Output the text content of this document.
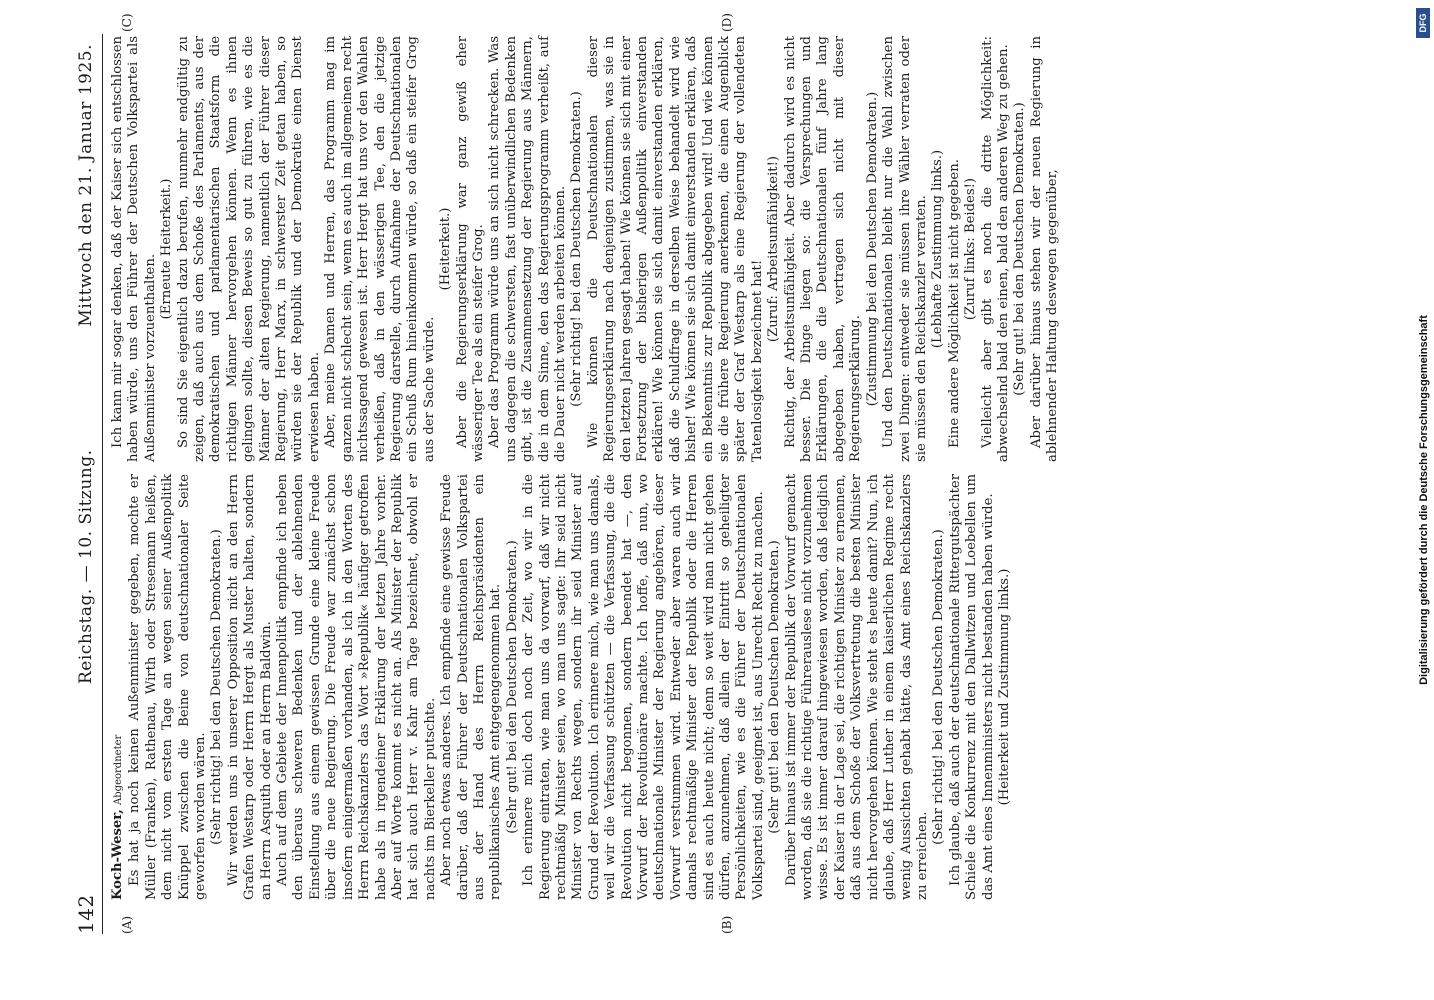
142
Reichstag. — 10. Sitzung.
Mittwoch den 21. Januar 1925.
(A)	(B)
(C)	(D)

Koch-Weser, Abgeordneter Es hat ja noch keinen Außenminister gegeben, mochte er Müller (Franken), Rathenau, Wirth oder Stresemann heißen, dem nicht vom ersten Tage an wegen seiner Außenpolitik Knüppel zwischen die Beine von deutschnationaler Seite geworfen worden wären. (Sehr richtig! bei den Deutschen Demokraten.) Wir werden uns in unserer Opposition nicht an den Herrn Grafen Westarp oder Herrn Hergt als Muster halten, sondern an Herrn Asquith oder an Herrn Baldwin. Auch auf dem Gebiete der Innenpolitik empfinde ich neben den überaus schweren Bedenken und der ablehnenden Einstellung aus einem gewissen Grunde eine kleine Freude über die neue Regierung. Die Freude war zunächst schon insofern einigermaßen vorhanden, als ich in den Worten des Herrn Reichskanzlers das Wort »Republik« häufiger getroffen habe als in irgendeiner Erklärung der letzten Jahre vorher. Aber auf Worte kommt es nicht an. Als Minister der Republik hat sich auch Herr v. Kahr am Tage bezeichnet, obwohl er nachts im Bierkeller putschte. Aber noch etwas anderes. Ich empfinde eine gewisse Freude darüber, daß der Führer der Deutschnationalen Volkspartei aus der Hand des Herrn Reichspräsidenten ein republikanisches Amt entgegengenommen hat. (Sehr gut! bei den Deutschen Demokraten.) Ich erinnere mich doch noch der Zeit, wo wir in die Regierung eintraten, wie man uns da vorwarf, daß wir nicht rechtmäßig Minister seien, wo man uns sagte: Ihr seid nicht Minister von Rechts wegen, sondern ihr seid Minister auf Grund der Revolution. Ich erinnere mich, wie man uns damals, weil wir die Verfassung schützten — die Verfassung, die die Revolution nicht begonnen, sondern beendet hat —, den Vorwurf der Revolutionäre machte. Ich hoffe, daß nun, wo deutschnationale Minister der Regierung angehören, dieser Vorwurf verstummen wird. Entweder aber waren auch wir damals rechtmäßige Minister der Republik oder die Herren sind es auch heute nicht; denn so weit wird man nicht gehen dürfen, anzunehmen, daß allein der Eintritt so geheiligter Persönlichkeiten, wie es die Führer der Deutschnationalen Volkspartei sind, geeignet ist, aus Unrecht Recht zu machen. (Sehr gut! bei den Deutschen Demokraten.) Darüber hinaus ist immer der Republik der Vorwurf gemacht worden, daß sie die richtige Führerauslese nicht vorzunehmen wisse. Es ist immer darauf hingewiesen worden, daß lediglich der Kaiser in der Lage sei, die richtigen Minister zu ernennen, daß aus dem Schoße der Volksvertretung die besten Minister nicht hervorgehen können. Wie steht es heute damit? Nun, ich glaube, daß Herr Luther in einem kaiserlichen Regime recht wenig Aussichten gehabt hätte, das Amt eines Reichskanzlers zu erreichen.

(Sehr richtig! bei den Deutschen Demokraten.) Ich glaube, daß auch der deutschnationale Rittergutspächter Schiele die Konkurrenz mit den Dallwitzen und Loebellen um das Amt eines Innenministers nicht bestanden haben würde. (Heiterkeit und Zustimmung links.)

Ich kann mir sogar denken, daß der Kaiser sich entschlossen haben würde, uns den Führer der Deutschen Volkspartei als Außenminister vorzuenthalten.

(Erneute Heiterkeit.) So sind Sie eigentlich dazu berufen, nunmehr endgültig zu zeigen, daß auch aus dem Schoße des Parlaments, aus der demokratischen und parlamentarischen Staatsform die richtigen Männer hervorgehen können. Wenn es ihnen gelingen sollte, diesen Beweis so gut zu führen, wie es die Männer der alten Regierung, namentlich der Führer dieser Regierung, Herr Marx, in schwerster Zeit getan haben, so würden sie der Republik und der Demokratie einen Dienst erwiesen haben. Aber, meine Damen und Herren, das Programm mag im ganzen nicht schlecht sein, wenn es auch im allgemeinen recht nichtssagend gewesen ist. Herr Hergt hat uns vor den Wahlen verheißen, daß in den wässerigen Tee, den die jetzige Regierung darstelle, durch Aufnahme der Deutschnationalen ein Schuß Rum hineinkommen würde, so daß ein steifer Grog aus der Sache würde.

(Heiterkeit.) Aber die Regierungserklärung war ganz gewiß eher wässeriger Tee als ein steifer Grog. Aber das Programm würde uns an sich nicht schrecken. Was uns dagegen die schwersten, fast unüberwindlichen Bedenken gibt, ist die Zusammensetzung der Regierung aus Männern, die in dem Sinne, den das Regierungsprogramm verheißt, auf die Dauer nicht werden arbeiten können. (Sehr richtig! bei den Deutschen Demokraten.) Wie können die Deutschnationalen dieser Regierungserklärung nach denjenigen zustimmen, was sie in den letzten Jahren gesagt haben! Wie können sie sich mit einer Fortsetzung der bisherigen Außenpolitik einverstanden erklären! Wie können sie sich damit einverstanden erklären, daß die Schuldfrage in derselben Weise behandelt wird wie bisher! Wie können sie sich damit einverstanden erklären, daß ein Bekenntnis zur Republik abgegeben wird! Und wie können sie die frühere Regierung anerkennen, die einen Augenblick später der Graf Westarp als eine Regierung der vollendeten Tatenlosigkeit bezeichnet hat!

(Zuruf: Arbeitsunfähigkeit!) Richtig, der Arbeitsunfähigkeit. Aber dadurch wird es nicht besser. Die Dinge liegen so: die Versprechungen und Erklärungen, die die Deutschnationalen fünf Jahre lang abgegeben haben, vertragen sich nicht mit dieser Regierungserklärung. (Zustimmung bei den Deutschen Demokraten.) Und den Deutschnationalen bleibt nur die Wahl zwischen zwei Dingen: entweder sie müssen ihre Wähler verraten oder sie müssen den Reichskanzler verraten. (Lebhafte Zustimmung links.) Eine andere Möglichkeit ist nicht gegeben. (Zuruf links: Beides!) Vielleicht aber gibt es noch die dritte Möglichkeit: abwechselnd bald den einen, bald den anderen Weg zu gehen. (Sehr gut! bei den Deutschen Demokraten.) Aber darüber hinaus stehen wir der neuen Regierung in ablehnender Haltung deswegen gegenüber,	Digitalisierung gefördert durch die Deutsche Forschungsgemeinschaft
DFG
